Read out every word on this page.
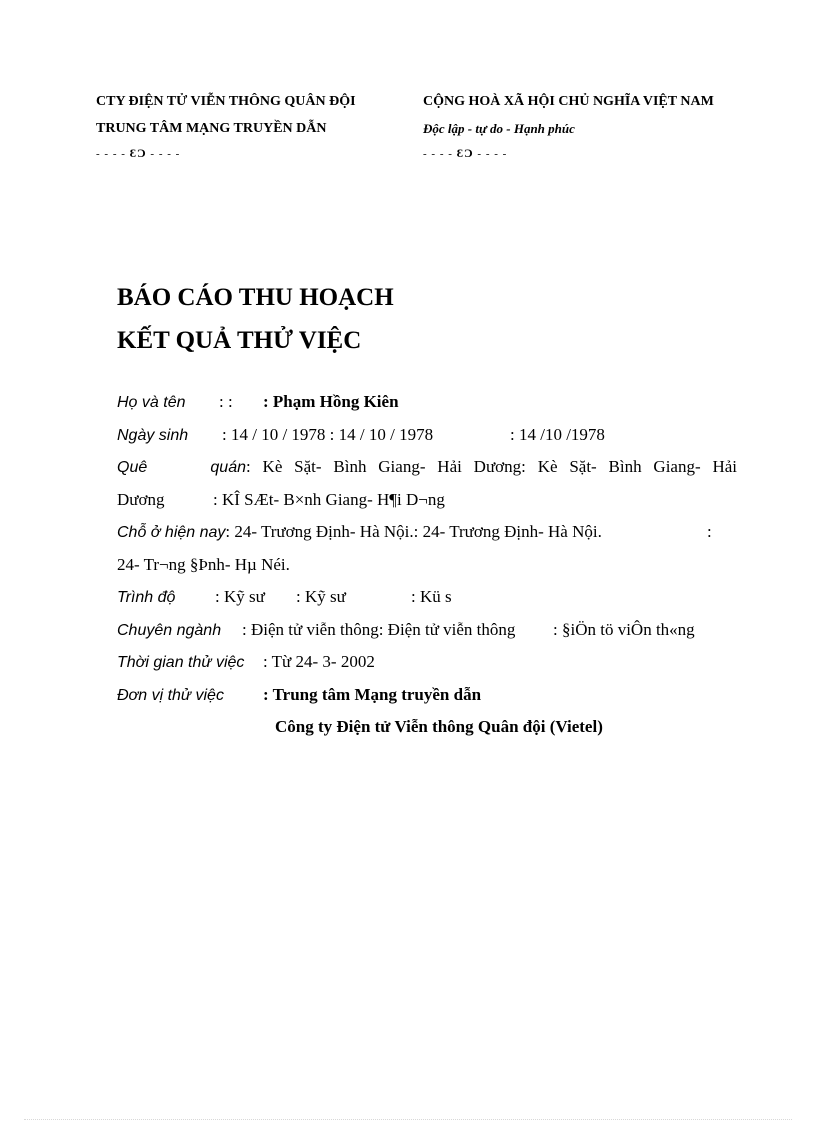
CTY ĐIỆN TỬ VIỄN THÔNG QUÂN ĐỘI
TRUNG TÂM MẠNG TRUYỀN DẪN
- - - - ƐƆ - - - -
CỘNG HOÀ XÃ HỘI CHỦ NGHĨA VIỆT NAM
Độc lập - tự do - Hạnh phúc
- - - - ƐƆ - - - -
BÁO CÁO THU HOẠCH
KẾT QUẢ THỬ VIỆC
Họ và tên : : : Phạm Hồng Kiên
Ngày sinh : 14 / 10 / 1978 : 14 / 10 / 1978	: 14 /10 /1978
Quê quán: Kè Sặt- Bình Giang- Hải Dương: Kè Sặt- Bình Giang- Hải
Dương	: KÎ SÆt- B×nh Giang- H¶i D¬ng
Chỗ ở hiện nay: 24- Trương Định- Hà Nội.: 24- Trương Định- Hà Nội.	:
24- Tr¬ng §Þnh- Hµ Néi.
Trình độ : Kỹ sư : Kỹ sư	: Kü s
Chuyên ngành : Điện tử viễn thông: Điện tử viễn thông : §iÖn tö viÔn th«ng
Thời gian thử việc : Từ 24- 3- 2002
Đơn vị thử việc : Trung tâm Mạng truyền dẫn
Công ty Điện tử Viễn thông Quân đội (Vietel)
